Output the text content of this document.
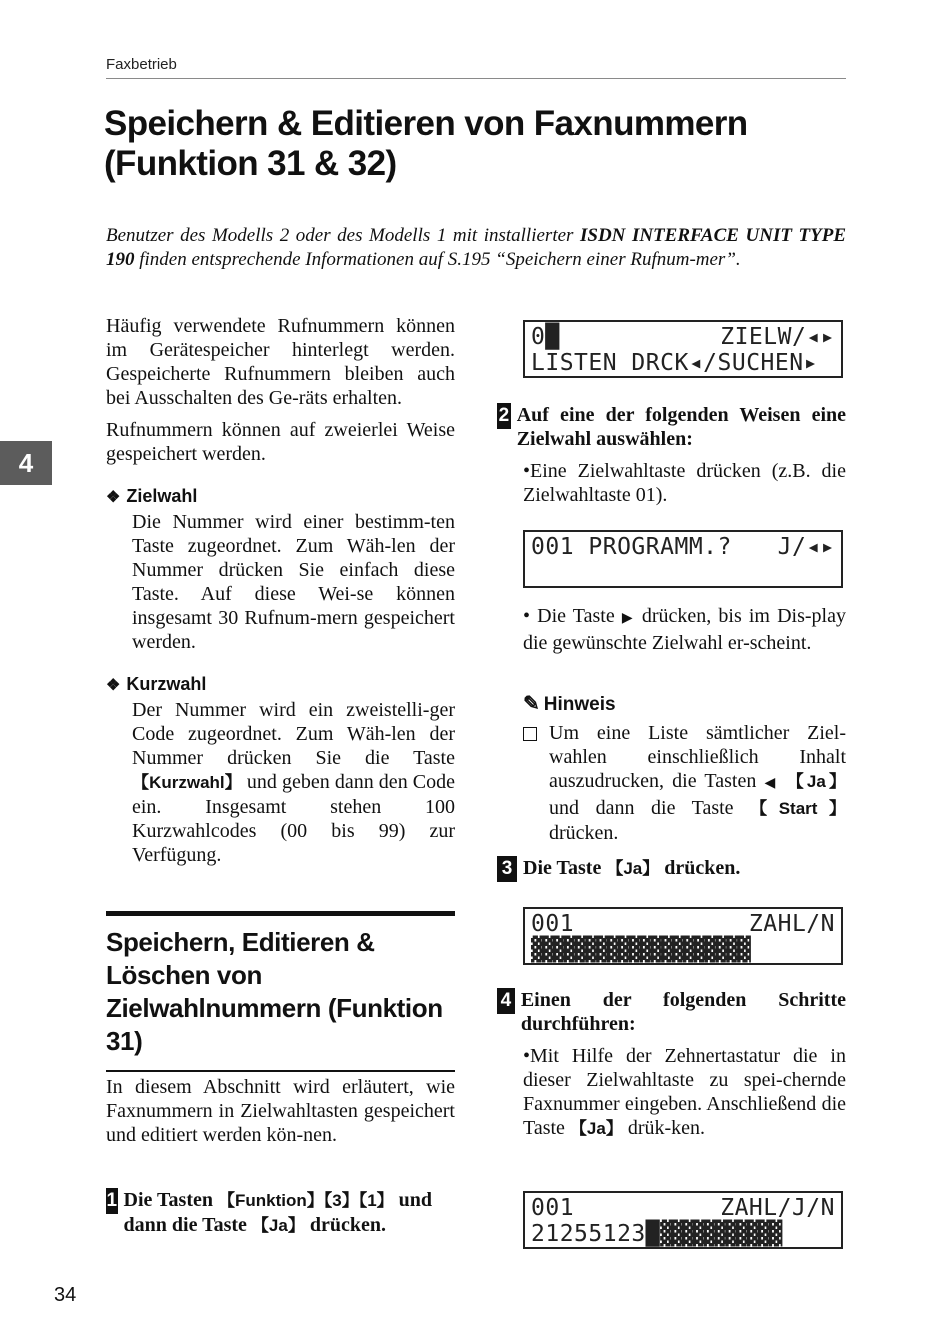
Faxbetrieb
Speichern & Editieren von Faxnummern
(Funktion 31 & 32)
Benutzer des Modells 2 oder des Modells 1 mit installierter ISDN INTERFACE UNIT TYPE 190 finden entsprechende Informationen auf S.195 “Speichern einer Rufnum-mer”.
4

Häufig verwendete Rufnummern können im Gerätespeicher hinterlegt werden. Gespeicherte Rufnummern bleiben auch bei Ausschalten des Ge-räts erhalten.

Rufnummern können auf zweierlei Weise gespeichert werden.

❖ Zielwahl
Die Nummer wird einer bestimm-ten Taste zugeordnet. Zum Wäh-len der Nummer drücken Sie einfach diese Taste. Auf diese Wei-se können insgesamt 30 Rufnum-mern gespeichert werden.
❖ Kurzwahl
Der Nummer wird ein zweistelli-ger Code zugeordnet. Zum Wäh-len der Nummer drücken Sie die Taste 【Kurzwahl】 und geben dann den Code ein. Insgesamt stehen 100 Kurzwahlcodes (00 bis 99) zur Verfügung.
Speichern, Editieren & Löschen von Zielwahlnummern (Funktion 31)
In diesem Abschnitt wird erläutert, wie Faxnummern in Zielwahltasten gespeichert und editiert werden kön-nen.
1 Die Tasten 【Funktion】【3】【1】 und dann die Taste 【Ja】 drücken.
0█	ZIELW/◂▸
LISTEN DRCK◂/SUCHEN▸
2 Auf eine der folgenden Weisen eine Zielwahl auswählen:
•Eine Zielwahltaste drücken (z.B. die Zielwahltaste 01).
001 PROGRAMM.? J/◂▸
• Die Taste ▶ drücken, bis im Dis-play die gewünschte Zielwahl er-scheint.
✎ Hinweis
Um eine Liste sämtlicher Ziel-wahlen einschließlich Inhalt auszudrucken, die Tasten ◀ 【Ja】und dann die Taste 【Start】 drücken.
3 Die Taste 【Ja】 drücken.
001	ZAHL/N
▓▓▓▓▓▓▓▓▓▓▓▓▓▓▓▓▓▓▓▓
4 Einen der folgenden Schritte durchführen:
•Mit Hilfe der Zehnertastatur die in dieser Zielwahltaste zu spei-chernde Faxnummer eingeben. Anschließend die Taste 【Ja】 drük-ken.
001	ZAHL/J/N
21255123█ ▓▓▓▓▓▓▓▓▓▓▓
34
